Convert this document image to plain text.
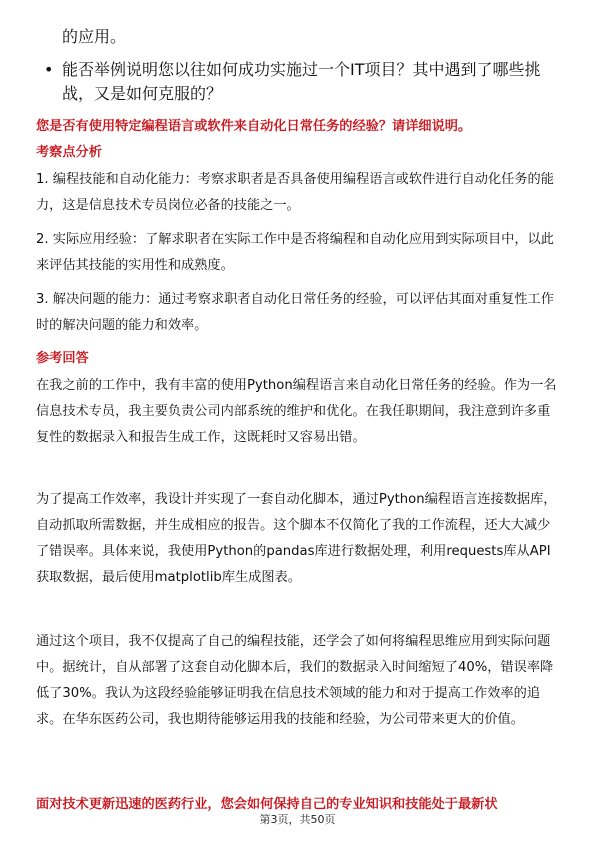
的应用。
• 能否举例说明您以往如何成功实施过一个IT项目？其中遇到了哪些挑战，又是如何克服的？
您是否有使用特定编程语言或软件来自动化日常任务的经验？请详细说明。
考察点分析
1. 编程技能和自动化能力：考察求职者是否具备使用编程语言或软件进行自动化任务的能力，这是信息技术专员岗位必备的技能之一。
2. 实际应用经验：了解求职者在实际工作中是否将编程和自动化应用到实际项目中，以此来评估其技能的实用性和成熟度。
3. 解决问题的能力：通过考察求职者自动化日常任务的经验，可以评估其面对重复性工作时的解决问题的能力和效率。
参考回答
在我之前的工作中，我有丰富的使用Python编程语言来自动化日常任务的经验。作为一名信息技术专员，我主要负责公司内部系统的维护和优化。在我任职期间，我注意到许多重复性的数据录入和报告生成工作，这既耗时又容易出错。
为了提高工作效率，我设计并实现了一套自动化脚本，通过Python编程语言连接数据库，自动抓取所需数据，并生成相应的报告。这个脚本不仅简化了我的工作流程，还大大减少了错误率。具体来说，我使用Python的pandas库进行数据处理，利用requests库从API获取数据，最后使用matplotlib库生成图表。
通过这个项目，我不仅提高了自己的编程技能，还学会了如何将编程思维应用到实际问题中。据统计，自从部署了这套自动化脚本后，我们的数据录入时间缩短了40%，错误率降低了30%。我认为这段经验能够证明我在信息技术领域的能力和对于提高工作效率的追求。在华东医药公司，我也期待能够运用我的技能和经验，为公司带来更大的价值。
面对技术更新迅速的医药行业，您会如何保持自己的专业知识和技能处于最新状
第3页，共50页
